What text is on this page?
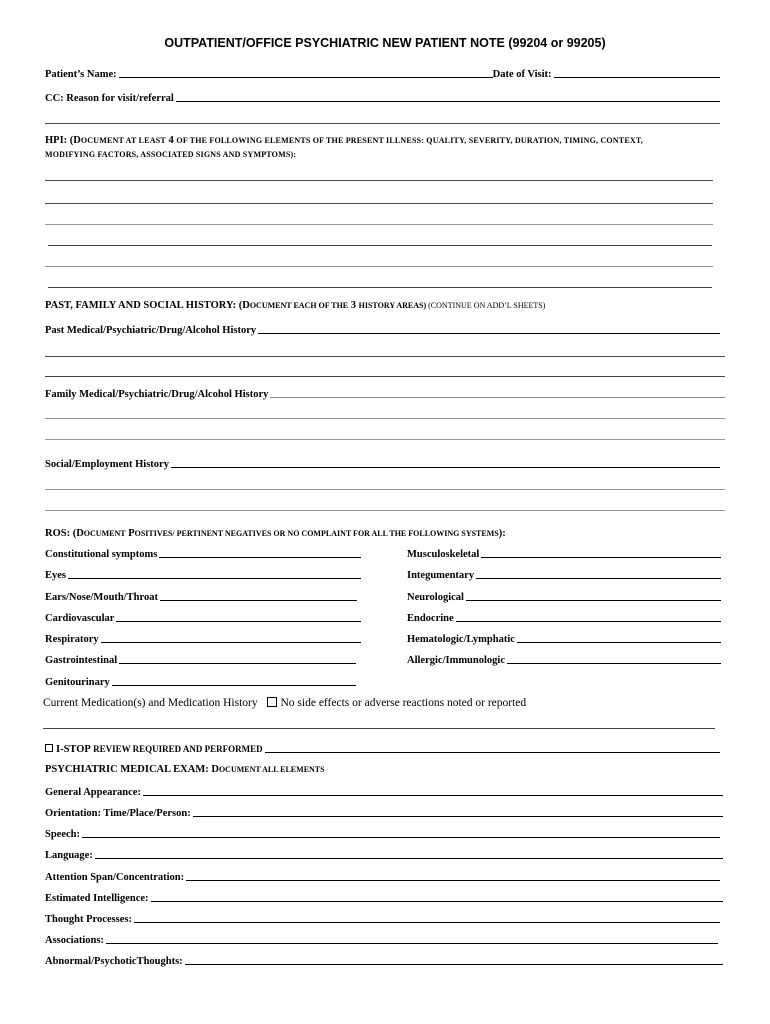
OUTPATIENT/OFFICE PSYCHIATRIC NEW PATIENT NOTE (99204 or 99205)
Patient’s Name:	Date of Visit:
CC: Reason for visit/referral
HPI: (DOCUMENT AT LEAST 4 OF THE FOLLOWING ELEMENTS OF THE PRESENT ILLNESS: QUALITY, SEVERITY, DURATION, TIMING, CONTEXT,
MODIFYING FACTORS, ASSOCIATED SIGNS AND SYMPTOMS):
PAST, FAMILY AND SOCIAL HISTORY: (DOCUMENT EACH OF THE 3 HISTORY AREAS) (CONTINUE ON ADD’L SHEETS)
Past Medical/Psychiatric/Drug/Alcohol History
Family Medical/Psychiatric/Drug/Alcohol History
Social/Employment History
ROS: (DOCUMENT POSITIVES/ PERTINENT NEGATIVES OR NO COMPLAINT FOR ALL THE FOLLOWING SYSTEMS):
Constitutional symptoms
Eyes
Ears/Nose/Mouth/Throat
Cardiovascular
Respiratory
Gastrointestinal
Genitourinary
Musculoskeletal
Integumentary
Neurological
Endocrine
Hematologic/Lymphatic
Allergic/Immunologic
Current Medication(s) and Medication History No side effects or adverse reactions noted or reported
I-STOP REVIEW REQUIRED AND PERFORMED
PSYCHIATRIC MEDICAL EXAM: DOCUMENT ALL ELEMENTS
General Appearance:
Orientation: Time/Place/Person:
Speech:
Language:
Attention Span/Concentration:
Estimated Intelligence:
Thought Processes:
Associations:
Abnormal/PsychoticThoughts:
